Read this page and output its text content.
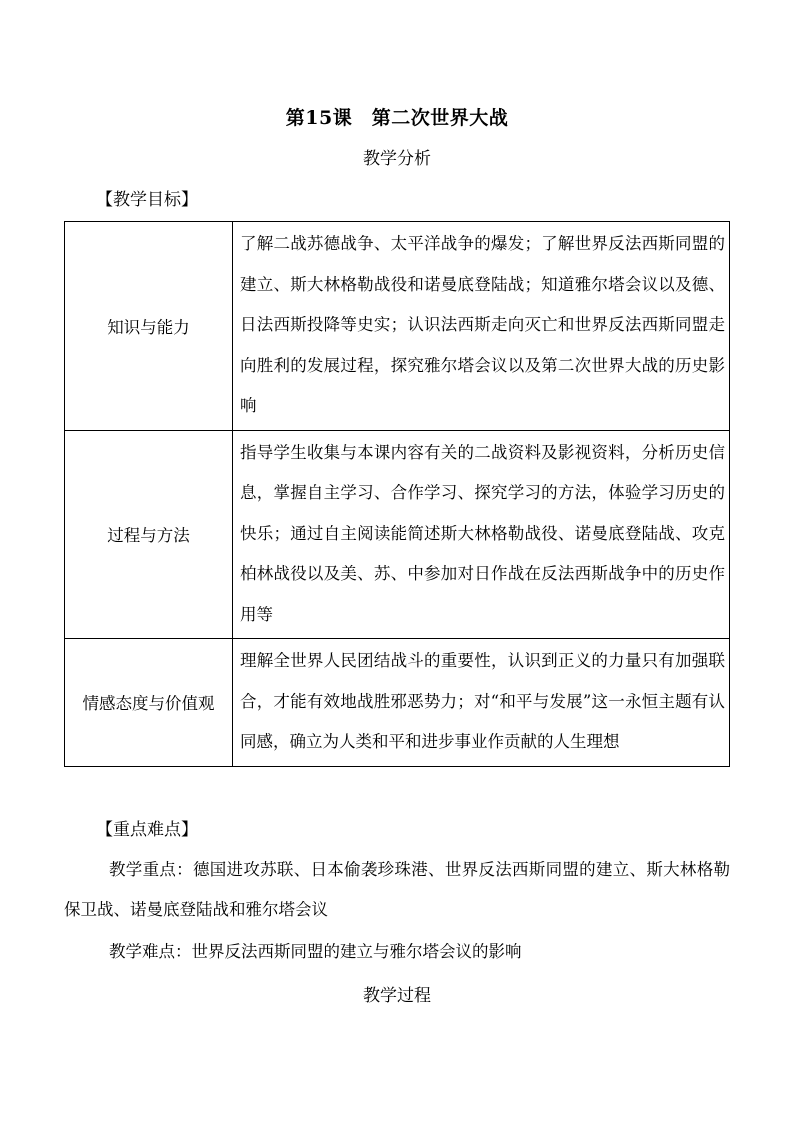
第15课　第二次世界大战
教学分析
【教学目标】
知识与能力	了解二战苏德战争、太平洋战争的爆发；了解世界反法西斯同盟的建立、斯大林格勒战役和诺曼底登陆战；知道雅尔塔会议以及德、日法西斯投降等史实；认识法西斯走向灭亡和世界反法西斯同盟走向胜利的发展过程，探究雅尔塔会议以及第二次世界大战的历史影响
过程与方法	指导学生收集与本课内容有关的二战资料及影视资料，分析历史信息，掌握自主学习、合作学习、探究学习的方法，体验学习历史的快乐；通过自主阅读能简述斯大林格勒战役、诺曼底登陆战、攻克柏林战役以及美、苏、中参加对日作战在反法西斯战争中的历史作用等
情感态度与价值观	理解全世界人民团结战斗的重要性，认识到正义的力量只有加强联合，才能有效地战胜邪恶势力；对“和平与发展”这一永恒主题有认同感，确立为人类和平和进步事业作贡献的人生理想
【重点难点】
教学重点：德国进攻苏联、日本偷袭珍珠港、世界反法西斯同盟的建立、斯大林格勒保卫战、诺曼底登陆战和雅尔塔会议
教学难点：世界反法西斯同盟的建立与雅尔塔会议的影响
教学过程
